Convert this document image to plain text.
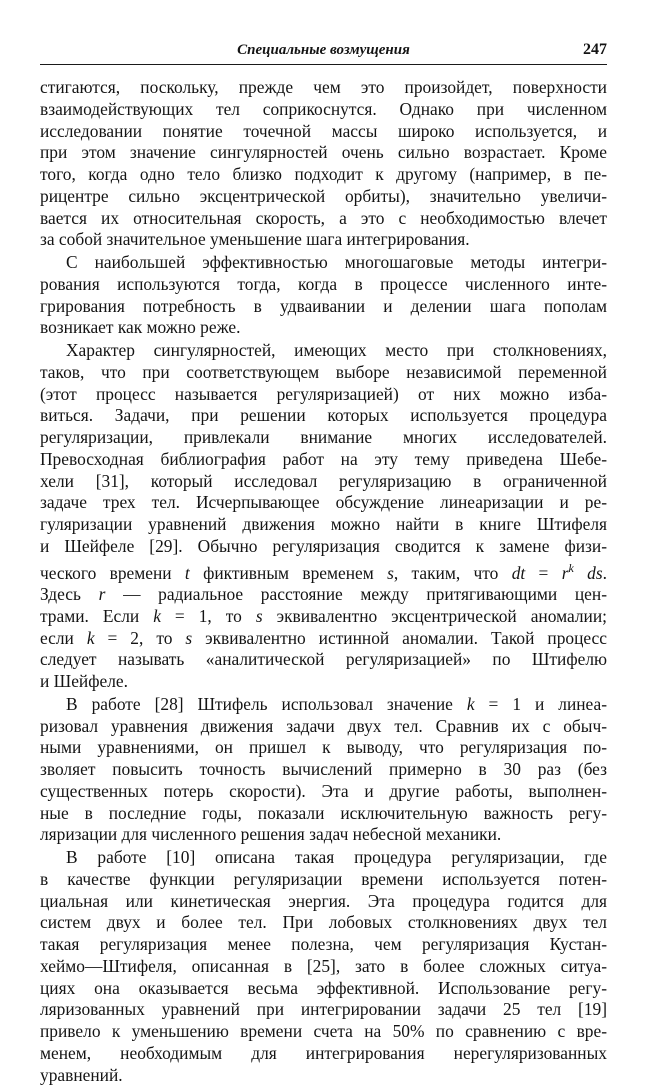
Специальные возмущения	247

стигаются, поскольку, прежде чем это произойдет, поверхности
взаимодействующих тел соприкоснутся. Однако при численном
исследовании понятие точечной массы широко используется, и
при этом значение сингулярностей очень сильно возрастает. Кроме
того, когда одно тело близко подходит к другому (например, в пе-
рицентре сильно эксцентрической орбиты), значительно увеличи-
вается их относительная скорость, а это с необходимостью влечет
за собой значительное уменьшение шага интегрирования.

С наибольшей эффективностью многошаговые методы интегри-
рования используются тогда, когда в процессе численного инте-
грирования потребность в удваивании и делении шага пополам
возникает как можно реже.

Характер сингулярностей, имеющих место при столкновениях,
таков, что при соответствующем выборе независимой переменной
(этот процесс называется регуляризацией) от них можно изба-
виться. Задачи, при решении которых используется процедура
регуляризации, привлекали внимание многих исследователей.
Превосходная библиография работ на эту тему приведена Шебе-
хели [31], который исследовал регуляризацию в ограниченной
задаче трех тел. Исчерпывающее обсуждение линеаризации и ре-
гуляризации уравнений движения можно найти в книге Штифеля
и Шейфеле [29]. Обычно регуляризация сводится к замене физи-
ческого времени t фиктивным временем s, таким, что dt = $r^k$ ds.
Здесь r — радиальное расстояние между притягивающими цен-
трами. Если k = 1, то s эквивалентно эксцентрической аномалии;
если k = 2, то s эквивалентно истинной аномалии. Такой процесс
следует называть «аналитической регуляризацией» по Штифелю
и Шейфеле.

В работе [28] Штифель использовал значение k = 1 и линеа-
ризовал уравнения движения задачи двух тел. Сравнив их с обыч-
ными уравнениями, он пришел к выводу, что регуляризация по-
зволяет повысить точность вычислений примерно в 30 раз (без
существенных потерь скорости). Эта и другие работы, выполнен-
ные в последние годы, показали исключительную важность регу-
ляризации для численного решения задач небесной механики.

В работе [10] описана такая процедура регуляризации, где
в качестве функции регуляризации времени используется потен-
циальная или кинетическая энергия. Эта процедура годится для
систем двух и более тел. При лобовых столкновениях двух тел
такая регуляризация менее полезна, чем регуляризация Кустан-
хеймо—Штифеля, описанная в [25], зато в более сложных ситуа-
циях она оказывается весьма эффективной. Использование регу-
ляризованных уравнений при интегрировании задачи 25 тел [19]
привело к уменьшению времени счета на 50% по сравнению с вре-
менем, необходимым для интегрирования нерегуляризованных
уравнений.
